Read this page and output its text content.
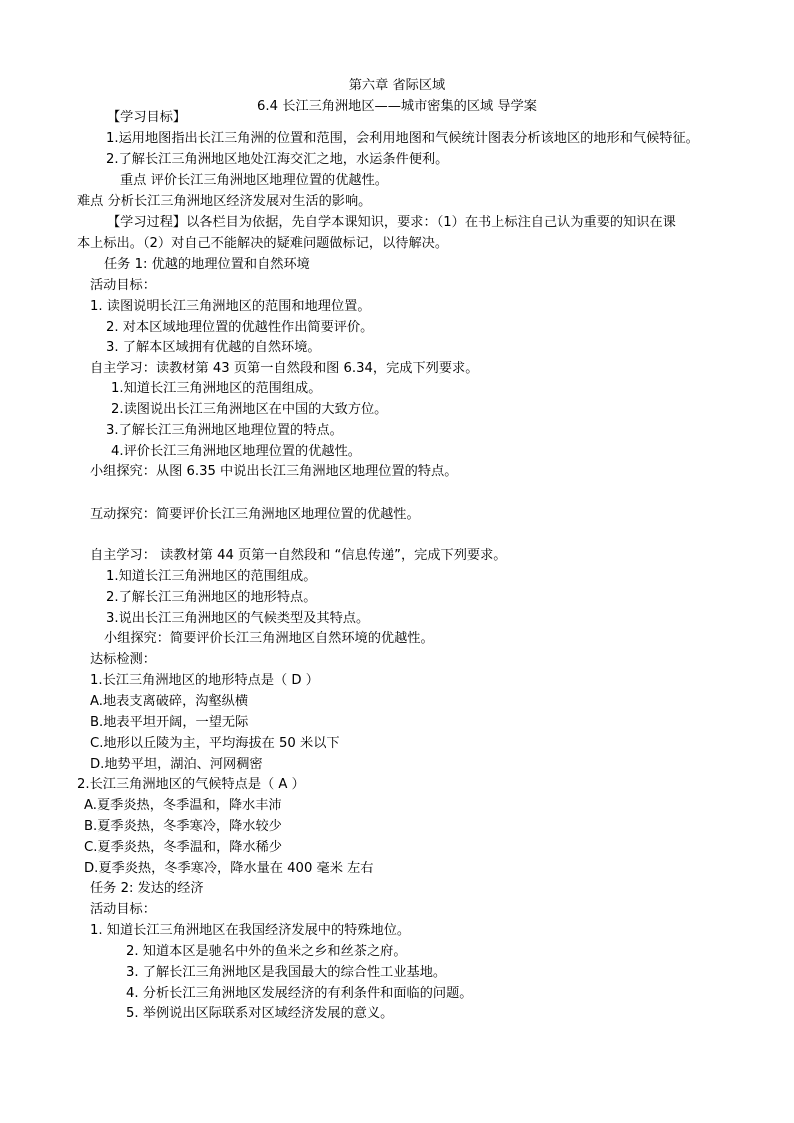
第六章 省际区域
6.4 长江三角洲地区——城市密集的区域 导学案
【学习目标】
1.运用地图指出长江三角洲的位置和范围，会利用地图和气候统计图表分析该地区的地形和气候特征。
2.了解长江三角洲地区地处江海交汇之地，水运条件便利。
重点 评价长江三角洲地区地理位置的优越性。
难点 分析长江三角洲地区经济发展对生活的影响。
【学习过程】以各栏目为依据，先自学本课知识，要求：（1）在书上标注自己认为重要的知识在课
本上标出。（2）对自己不能解决的疑难问题做标记，以待解决。
任务 1: 优越的地理位置和自然环境
活动目标：
1. 读图说明长江三角洲地区的范围和地理位置。
2. 对本区域地理位置的优越性作出简要评价。
3. 了解本区域拥有优越的自然环境。
自主学习：读教材第 43 页第一自然段和图 6.34，完成下列要求。
1.知道长江三角洲地区的范围组成。
2.读图说出长江三角洲地区在中国的大致方位。
3.了解长江三角洲地区地理位置的特点。
4.评价长江三角洲地区地理位置的优越性。
小组探究：从图 6.35 中说出长江三角洲地区地理位置的特点。
互动探究：简要评价长江三角洲地区地理位置的优越性。
自主学习： 读教材第 44 页第一自然段和 “信息传递”，完成下列要求。
1.知道长江三角洲地区的范围组成。
2.了解长江三角洲地区的地形特点。
3.说出长江三角洲地区的气候类型及其特点。
小组探究：简要评价长江三角洲地区自然环境的优越性。
达标检测：
1.长江三角洲地区的地形特点是（ D ）
A.地表支离破碎，沟壑纵横
B.地表平坦开阔，一望无际
C.地形以丘陵为主，平均海拔在 50 米以下
D.地势平坦，湖泊、河网稠密
2.长江三角洲地区的气候特点是（ A ）
A.夏季炎热，冬季温和，降水丰沛
B.夏季炎热，冬季寒冷，降水较少
C.夏季炎热，冬季温和，降水稀少
D.夏季炎热，冬季寒冷，降水量在 400 毫米 左右
任务 2: 发达的经济
活动目标：
1. 知道长江三角洲地区在我国经济发展中的特殊地位。
2. 知道本区是驰名中外的鱼米之乡和丝茶之府。
3. 了解长江三角洲地区是我国最大的综合性工业基地。
4. 分析长江三角洲地区发展经济的有利条件和面临的问题。
5. 举例说出区际联系对区域经济发展的意义。
